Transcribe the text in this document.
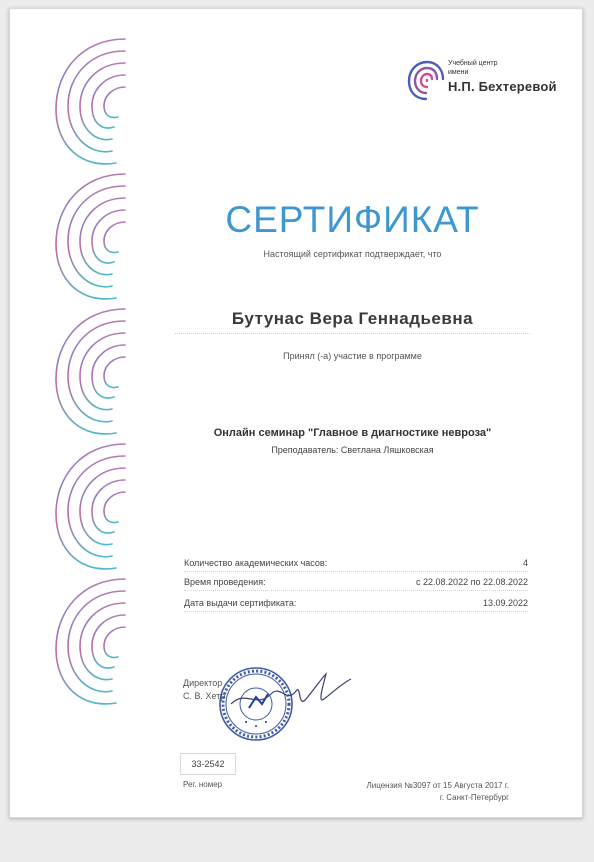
Учебный центр
имени
Н.П. Бехтеревой
СЕРТИФИКАТ
Настоящий сертификат подтверждает, что
Бутунас Вера Геннадьевна
Принял (-а) участие в программе
Онлайн семинар "Главное в диагностике невроза"
Преподаватель: Светлана Ляшковская
Количество академических часов:	4
Время проведения:	с 22.08.2022 по 22.08.2022
Дата выдачи сертификата:	13.09.2022
Директор
С. В. Хетр
33-2542
Рег. номер	Лицензия №3097 от 15 Августа 2017 г.
г. Санкт-Петербург
